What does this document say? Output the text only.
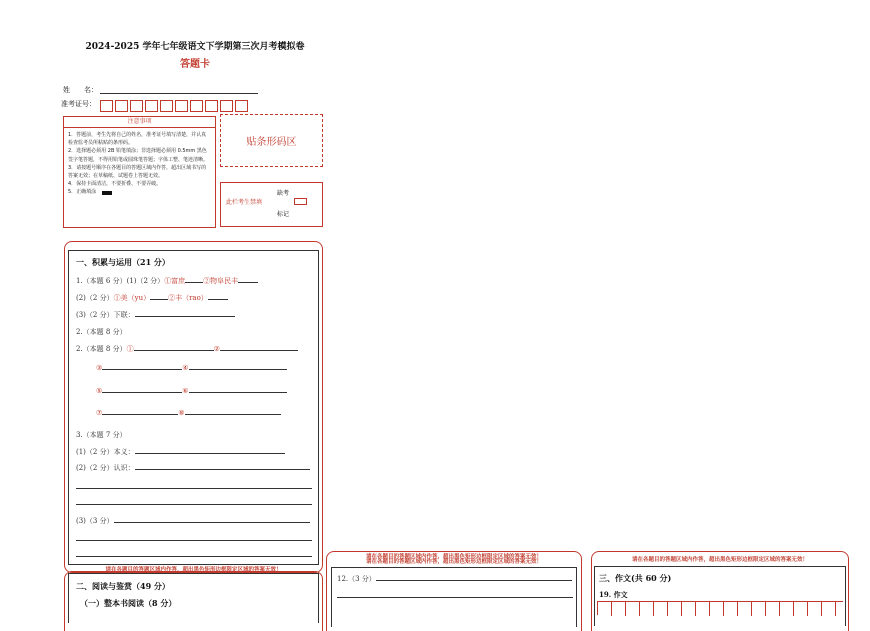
2024-2025 学年七年级语文下学期第三次月考模拟卷
答题卡
姓　　名：
准考证号：
注意事项
1．答题前，考生先将自己的姓名，准考证号填写清楚，并认真检查监考员所粘贴的条形码。
2．选择题必须用 2B 铅笔填涂；非选择题必须用 0.5mm 黑色签字笔答题，不得用铅笔或圆珠笔答题；字体工整、笔迹清晰。
3．请按题号顺序在各题目的答题区域内作答，超出区域书写的答案无效；在草稿纸、试题卷上答题无效。
4．保持卡面清洁，不要折叠、不要弄破。
5．正确填涂
贴条形码区
此栏考生禁填
缺考
标记
一、积累与运用（21 分）
1.（本题 6 分）(1)（2 分）①富庶	②物阜民丰
(2)（2 分）①美（yu）	②丰（rao）
(3)（2 分）下联：
2.（本题 8 分）
2.（本题 8 分）①	②
③	④
⑤	⑥
⑦	⑧
3.（本题 7 分）
(1)（2 分）本义：
(2)（2 分）认识：
(3)（3 分）
请在各题目的答题区域内作答，超出黑色矩形边框限定区域的答案无效！
二、阅读与鉴赏（49 分）
（一）整本书阅读（8 分）
请在各题目的答题区域内作答，超出黑色矩形边框限定区域的答案无效！
请在各题目的答题区域内作答，超出黑色矩形边框限定区域的答案无效！
12.（3 分）
请在各题目的答题区域内作答，超出黑色矩形边框限定区域的答案无效！
三、作文(共 60 分)
19. 作文
